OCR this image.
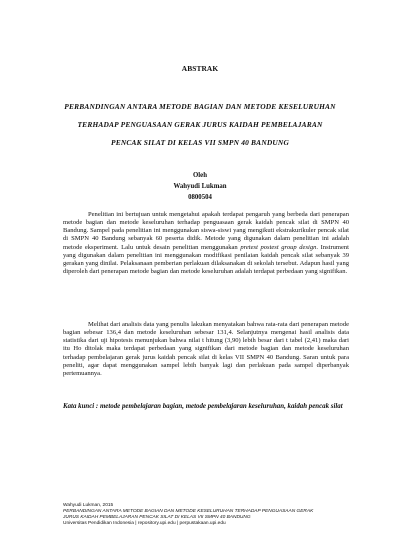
ABSTRAK
PERBANDINGAN ANTARA METODE BAGIAN DAN METODE KESELURUHAN
TERHADAP PENGUASAAN GERAK JURUS KAIDAH PEMBELAJARAN
PENCAK SILAT DI KELAS VII SMPN 40 BANDUNG
Oleh
Wahyudi Lukman
0800504

Penelitian ini bertujuan untuk mengetahui apakah terdapat pengaruh yang berbeda dari penerapan metode bagian dan metode keseluruhan terhadap penguasaan gerak kaidah pencak silat di SMPN 40 Bandung. Sampel pada penelitian ini menggunakan siswa-siswi yang mengikuti ekstrakurikuler pencak silat di SMPN 40 Bandung sebanyak 60 peserta didik. Metode yang digunakan dalam penelitian ini adalah metode eksperiment. Lalu untuk desain penelitian menggunakan pretest postest group design. Instrument yang digunakan dalam penelitian ini menggunakan modifikasi penilaian kaidah pencak silat sebanyak 39 gerakan yang dinilai. Pelaksanaan pemberian perlakuan dilaksanakan di sekolah tersebut. Adapun hasil yang diperoleh dari penerapan metode bagian dan metode keseluruhan adalah terdapat perbedaan yang signifikan.

Melihat dari analisis data yang penulis lakukan menyatakan bahwa rata-rata dari penerapan metode bagian sebesar 136,4 dan metode keseluruhan sebesar 131,4. Selanjutnya mengenai hasil analisis data statistika dari uji hipotesis menunjukan bahwa nilai t hitung (3,90) lebih besar dari t tabel (2,41) maka dari itu Ho ditolak maka terdapat perbedaan yang signifikan dari metode bagian dan metode keseluruhan terhadap pembelajaran gerak jurus kaidah pencak silat di kelas VII SMPN 40 Bandung. Saran untuk para peneliti, agar dapat menggunakan sampel lebih banyak lagi dan perlakuan pada sampel diperbanyak pertemuannya.

Kata kunci : metode pembelajaran bagian, metode pembelajaran keseluruhan, kaidah pencak silat

Wahyudi Lukman, 2015
PERBANDINGAN ANTARA METODE BAGIAN DAN METODE KESELURUHAN TERHADAP PENGUASAAN GERAK
JURUS KAIDAH PEMBELAJARAN PENCAK SILAT DI KELAS VII SMPN 40 BANDUNG
Universitas Pendidikan Indonesia | repository.upi.edu | perpustakaan.upi.edu
